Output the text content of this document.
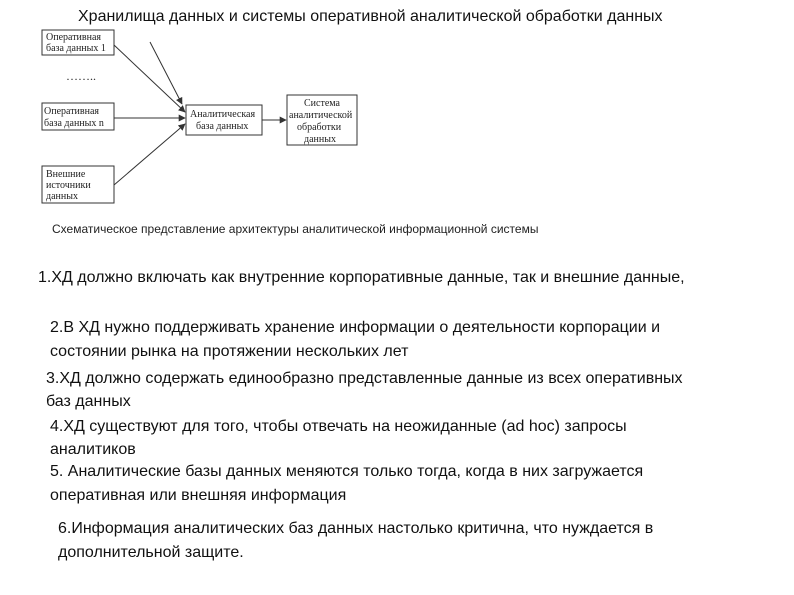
Хранилища данных и системы оперативной аналитической обработки данных
Оперативная
база данных 1
……..
Оперативная
база данных n
Внешние
источники
данных
Аналитическая
база данных
Система
аналитической
обработки
данных
Схематическое представление архитектуры аналитической информационной системы
1.ХД должно включать как внутренние корпоративные данные, так и внешние данные,
2.В ХД нужно поддерживать хранение информации о деятельности корпорации и
состоянии рынка на протяжении нескольких лет
3.ХД должно содержать единообразно представленные данные из всех оперативных
баз данных
4.ХД существуют для того, чтобы отвечать на неожиданные (ad hoc) запросы
аналитиков
5. Аналитические базы данных меняются только тогда, когда в них загружается
оперативная или внешняя информация
6.Информация аналитических баз данных настолько критична, что нуждается в
дополнительной защите.
